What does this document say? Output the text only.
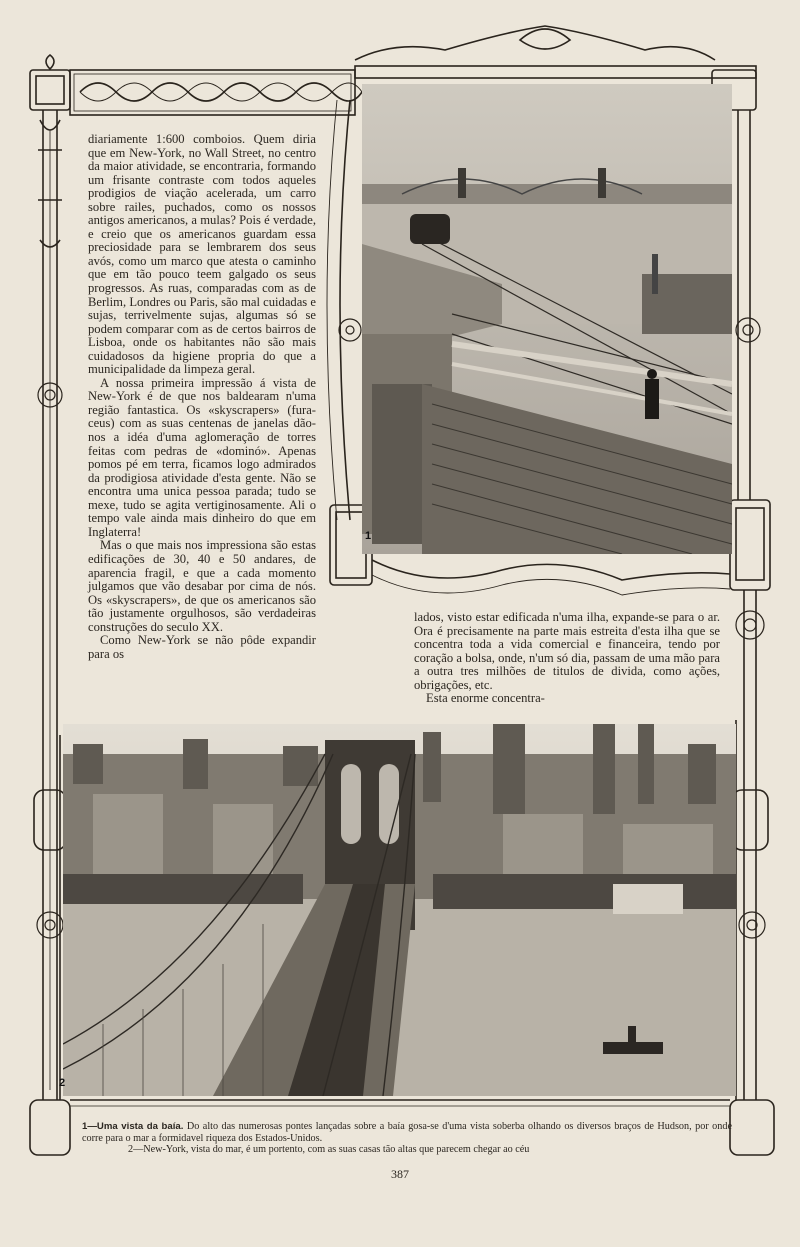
1

diariamente 1:600 comboios. Quem diria que em New-York, no Wall Street, no centro da maior atividade, se encontraria, formando um frisante contraste com todos aqueles prodigios de viação acelerada, um carro sobre railes, puchados, como os nossos antigos americanos, a mulas? Pois é verdade, e creio que os americanos guardam essa preciosidade para se lembrarem dos seus avós, como um marco que atesta o caminho que em tão pouco teem galgado os seus progressos. As ruas, comparadas com as de Berlim, Londres ou Paris, são mal cuidadas e sujas, terrivelmente sujas, algumas só se podem comparar com as de certos bairros de Lisboa, onde os habitantes não são mais cuidadosos da higiene propria do que a municipalidade da limpeza geral.

A nossa primeira impressão á vista de New-York é de que nos baldearam n'uma região fantastica. Os «skyscrapers» (fura-ceus) com as suas centenas de janelas dão-nos a idéa d'uma aglomeração de torres feitas com pedras de «dominó». Apenas pomos pé em terra, ficamos logo admirados da prodigiosa atividade d'esta gente. Não se encontra uma unica pessoa parada; tudo se mexe, tudo se agita vertiginosamente. Ali o tempo vale ainda mais dinheiro do que em Inglaterra!

Mas o que mais nos impressiona são estas edificações de 30, 40 e 50 andares, de aparencia fragil, e que a cada momento julgamos que vão desabar por cima de nós. Os «skyscrapers», de que os americanos são tão justamente orgulhosos, são verdadeiras construções do seculo XX.

Como New-York se não pôde expandir para os

lados, visto estar edificada n'uma ilha, expande-se para o ar. Ora é precisamente na parte mais estreita d'esta ilha que se concentra toda a vida comercial e financeira, tendo por coração a bolsa, onde, n'um só dia, passam de uma mão para a outra tres milhões de titulos de divida, como ações, obrigações, etc.

Esta enorme concentra-

2
1—Uma vista da baía. Do alto das numerosas pontes lançadas sobre a baía gosa-se d'uma vista soberba olhando os diversos braços de Hudson, por onde corre para o mar a formidavel riqueza dos Estados-Unidos.
2—New-York, vista do mar, é um portento, com as suas casas tão altas que parecem chegar ao céu
387
